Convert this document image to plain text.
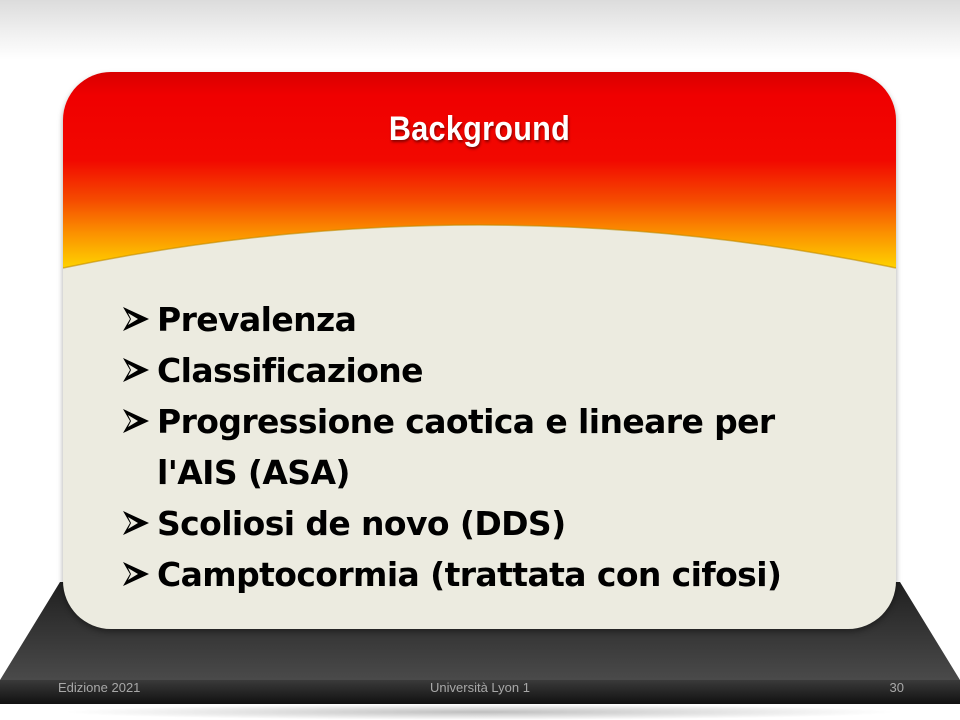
Background
Prevalenza
Classificazione
Progressione caotica e lineare per
l'AIS (ASA)
Scoliosi de novo (DDS)
Camptocormia (trattata con cifosi)
Edizione 2021	Università Lyon 1	30
